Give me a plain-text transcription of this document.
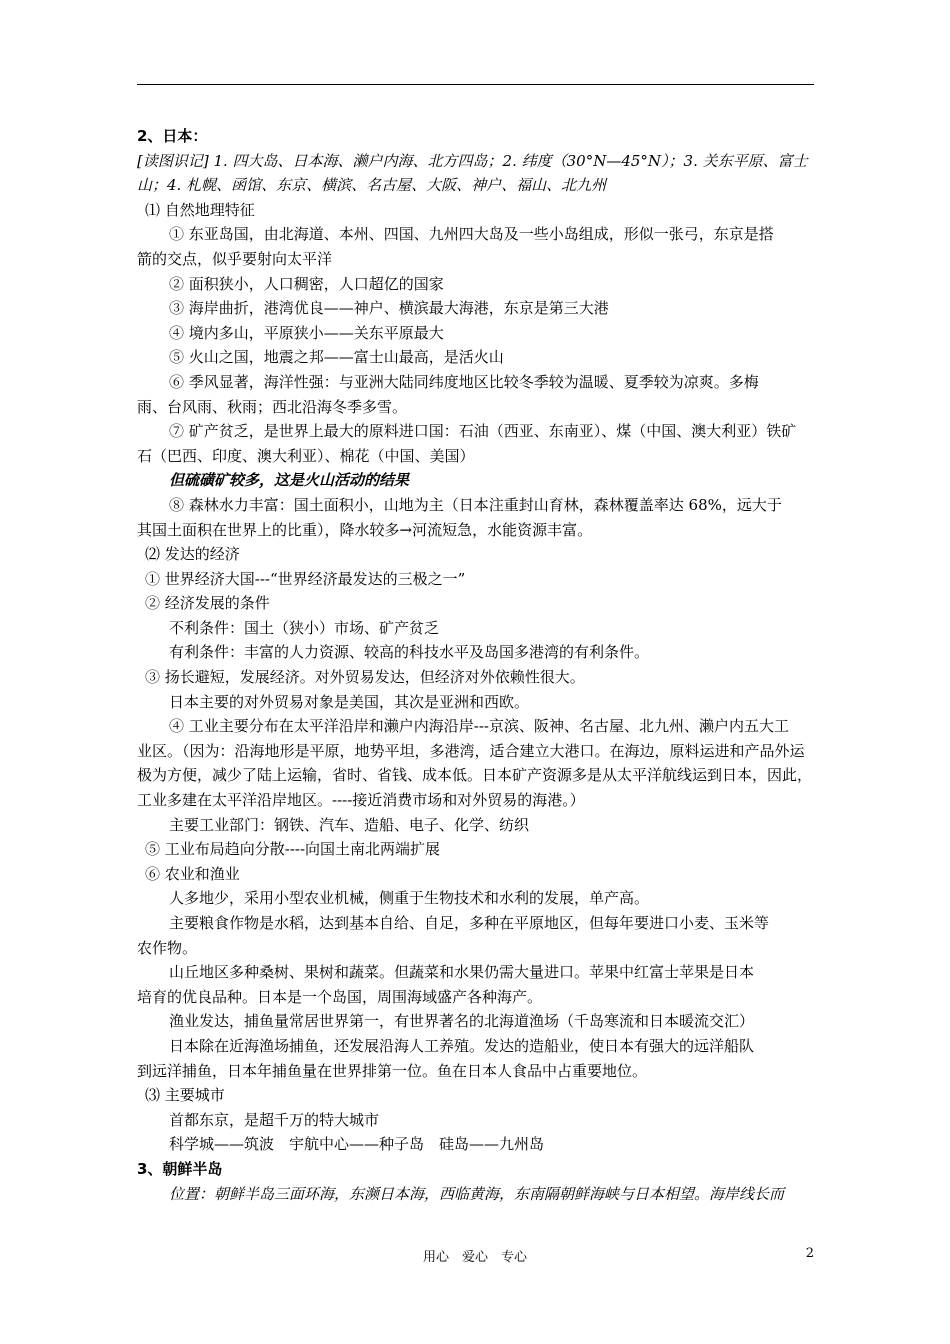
2、日本：
[读图识记] 1. 四大岛、日本海、濑户内海、北方四岛；2. 纬度（30°N—45°N）；3. 关东平原、富士
山；4. 札幌、函馆、东京、横滨、名古屋、大阪、神户、福山、北九州
⑴ 自然地理特征
① 东亚岛国，由北海道、本州、四国、九州四大岛及一些小岛组成，形似一张弓，东京是搭
箭的交点，似乎要射向太平洋
② 面积狭小，人口稠密，人口超亿的国家
③ 海岸曲折，港湾优良——神户、横滨最大海港，东京是第三大港
④ 境内多山，平原狭小——关东平原最大
⑤ 火山之国，地震之邦——富士山最高，是活火山
⑥ 季风显著，海洋性强：与亚洲大陆同纬度地区比较冬季较为温暖、夏季较为凉爽。多梅
雨、台风雨、秋雨；西北沿海冬季多雪。
⑦ 矿产贫乏，是世界上最大的原料进口国：石油（西亚、东南亚）、煤（中国、澳大利亚）铁矿
石（巴西、印度、澳大利亚）、棉花（中国、美国）
但硫磺矿较多，这是火山活动的结果
⑧ 森林水力丰富：国土面积小，山地为主（日本注重封山育林，森林覆盖率达 68%，远大于
其国土面积在世界上的比重），降水较多→河流短急，水能资源丰富。
⑵ 发达的经济
① 世界经济大国---“世界经济最发达的三极之一”
② 经济发展的条件
不利条件：国土（狭小）市场、矿产贫乏
有利条件：丰富的人力资源、较高的科技水平及岛国多港湾的有利条件。
③ 扬长避短，发展经济。对外贸易发达，但经济对外依赖性很大。
日本主要的对外贸易对象是美国，其次是亚洲和西欧。
④ 工业主要分布在太平洋沿岸和濑户内海沿岸---京滨、阪神、名古屋、北九州、濑户内五大工
业区。（因为：沿海地形是平原，地势平坦，多港湾，适合建立大港口。在海边，原料运进和产品外运
极为方便，减少了陆上运输，省时、省钱、成本低。日本矿产资源多是从太平洋航线运到日本，因此，
工业多建在太平洋沿岸地区。----接近消费市场和对外贸易的海港。）
主要工业部门：钢铁、汽车、造船、电子、化学、纺织
⑤ 工业布局趋向分散----向国土南北两端扩展
⑥ 农业和渔业
人多地少，采用小型农业机械，侧重于生物技术和水利的发展，单产高。
主要粮食作物是水稻，达到基本自给、自足，多种在平原地区，但每年要进口小麦、玉米等
农作物。
山丘地区多种桑树、果树和蔬菜。但蔬菜和水果仍需大量进口。苹果中红富士苹果是日本
培育的优良品种。日本是一个岛国，周围海域盛产各种海产。
渔业发达，捕鱼量常居世界第一，有世界著名的北海道渔场（千岛寒流和日本暖流交汇）
日本除在近海渔场捕鱼，还发展沿海人工养殖。发达的造船业，使日本有强大的远洋船队
到远洋捕鱼，日本年捕鱼量在世界排第一位。鱼在日本人食品中占重要地位。
⑶ 主要城市
首都东京，是超千万的特大城市
科学城——筑波　宇航中心——种子岛　硅岛——九州岛
3、朝鲜半岛
位置：朝鲜半岛三面环海，东濒日本海，西临黄海，东南隔朝鲜海峡与日本相望。海岸线长而
用心　爱心　专心	2
